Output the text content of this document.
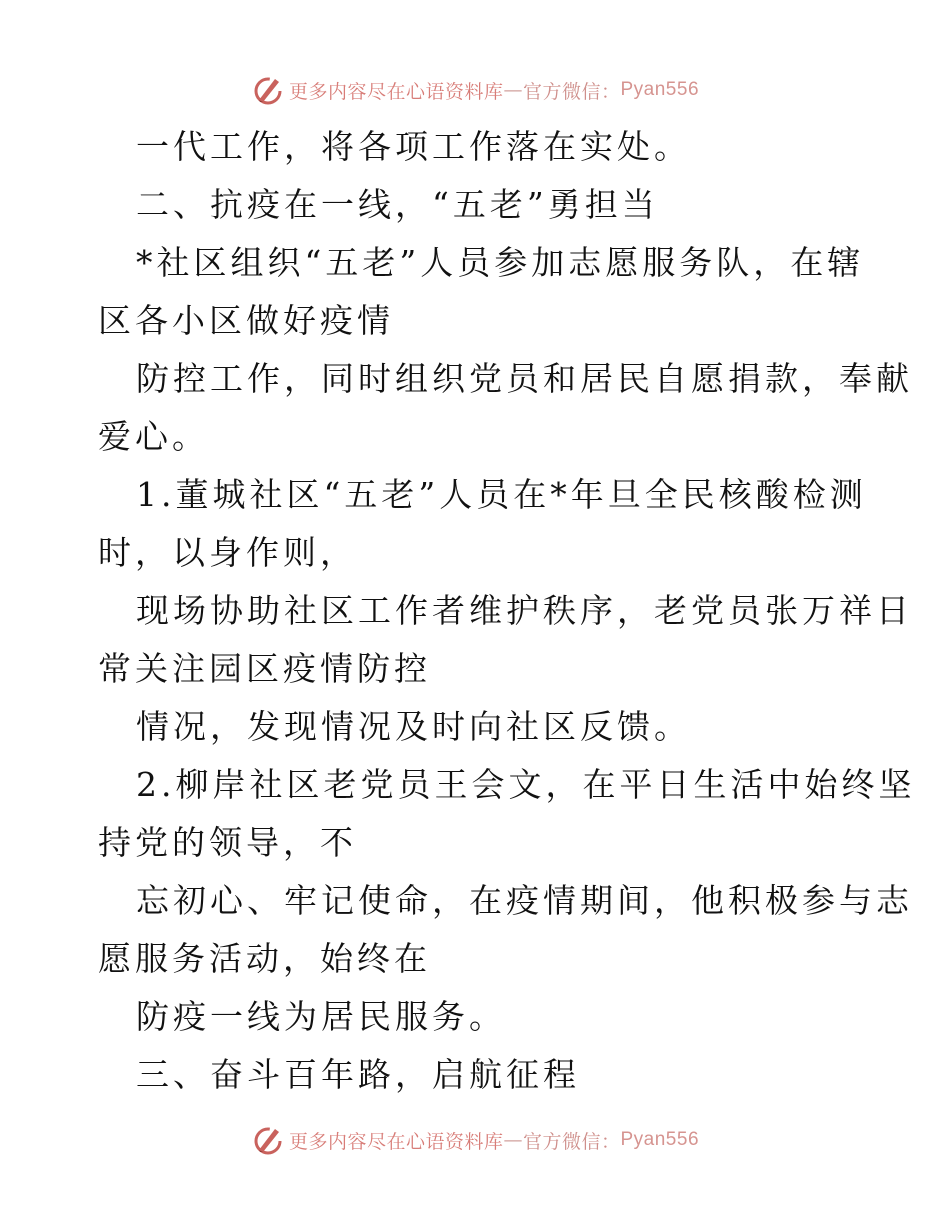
更多内容尽在心语资料库 — 官方微信： Pyan556
一代工作，将各项工作落在实处。
二、抗疫在一线，“五老”勇担当
*社区组织“五老”人员参加志愿服务队，在辖
区各小区做好疫情
防控工作，同时组织党员和居民自愿捐款，奉献
爱心。
1.董城社区“五老”人员在*年旦全民核酸检测
时，以身作则，
现场协助社区工作者维护秩序，老党员张万祥日
常关注园区疫情防控
情况，发现情况及时向社区反馈。
2.柳岸社区老党员王会文，在平日生活中始终坚
持党的领导，不
忘初心、牢记使命，在疫情期间，他积极参与志
愿服务活动，始终在
防疫一线为居民服务。
三、奋斗百年路，启航征程
更多内容尽在心语资料库 — 官方微信： Pyan556
